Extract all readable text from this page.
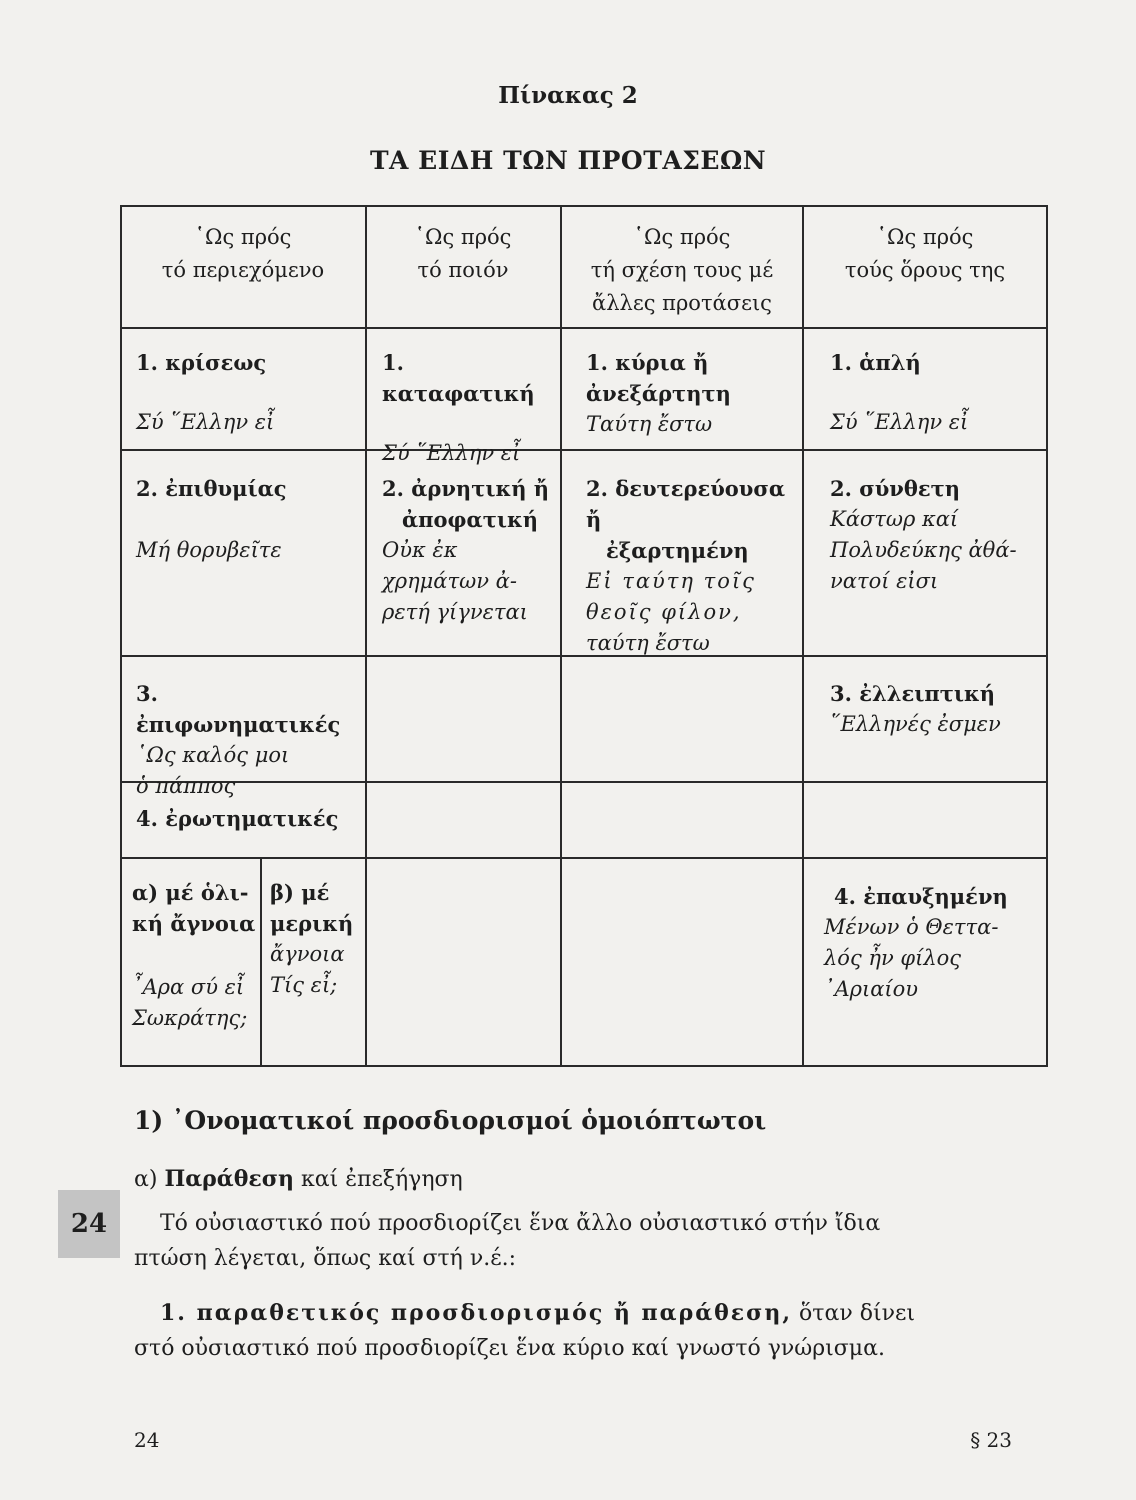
Πίνακας 2
ΤΑ ΕΙΔΗ ΤΩΝ ΠΡΟΤΑΣΕΩΝ
῾Ως πρός
τό περιεχόμενο
῾Ως πρός
τό ποιόν
῾Ως πρός
τή σχέση τους μέ
ἄλλες προτάσεις
῾Ως πρός
τούς ὅρους της
1. κρίσεως
Σύ ῞Ελλην εἶ
1. καταφατική
Σύ ῞Ελλην εἶ
1. κύρια ἤ
ἀνεξάρτητη
Ταύτη ἔστω
1. ἁπλή
Σύ ῞Ελλην εἶ
2. ἐπιθυμίας
Μή θορυβεῖτε
2. ἀρνητική ἤ
ἀποφατική
Οὐκ ἐκ
χρημάτων ἀ-
ρετή γίγνεται
2. δευτερεύουσα ἤ
ἐξαρτημένη
Εἰ ταύτη τοῖς
θεοῖς φίλον,
ταύτη ἔστω
2. σύνθετη
Κάστωρ καί
Πολυδεύκης ἀθά-
νατοί εἰσι
3. ἐπιφωνηματικές
῾Ως καλός μοι
ὁ πάππος
3. ἐλλειπτική
῞Ελληνές ἐσμεν
4. ἐρωτηματικές
α) μέ ὁλι-
κή ἄγνοια
῏Αρα σύ εἶ
Σωκράτης;
β) μέ
μερική
ἄγνοια
Τίς εἶ;
4. ἐπαυξημένη
Μένων ὁ Θεττα-
λός ἦν φίλος
᾿Αριαίου
1) ᾿Ονοματικοί προσδιορισμοί ὁμοιόπτωτοι
α) Παράθεση καί ἐπεξήγηση
24	Τό οὐσιαστικό πού προσδιορίζει ἕνα ἄλλο οὐσιαστικό στήν ἴδια
πτώση λέγεται, ὅπως καί στή ν.έ.:
1. παραθετικός προσδιορισμός ἤ παράθεση, ὅταν δίνει
στό οὐσιαστικό πού προσδιορίζει ἕνα κύριο καί γνωστό γνώρισμα.
24	§ 23
